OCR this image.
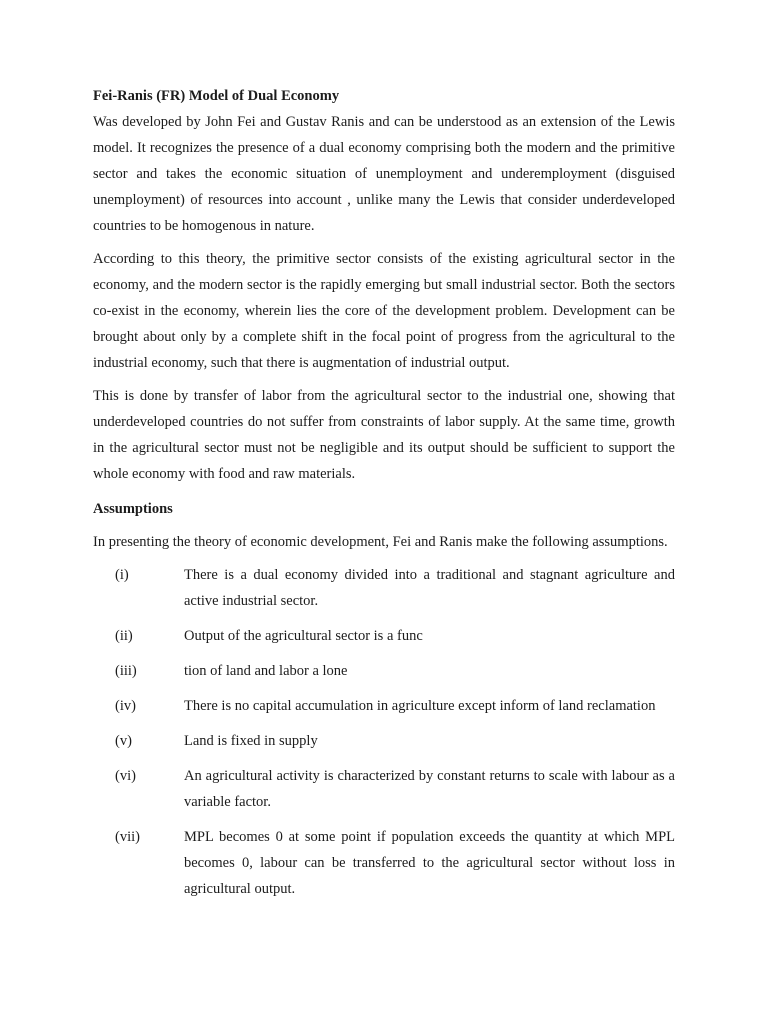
Fei-Ranis (FR) Model of Dual Economy

Was developed by John Fei and Gustav Ranis and can be understood as an extension of the Lewis model. It recognizes the presence of a dual economy comprising both the modern and the primitive sector and takes the economic situation of unemployment and underemployment (disguised unemployment) of resources into account , unlike many the Lewis that consider underdeveloped countries to be homogenous in nature.

According to this theory, the primitive sector consists of the existing agricultural sector in the economy, and the modern sector is the rapidly emerging but small industrial sector. Both the sectors co-exist in the economy, wherein lies the core of the development problem. Development can be brought about only by a complete shift in the focal point of progress from the agricultural to the industrial economy, such that there is augmentation of industrial output.

This is done by transfer of labor from the agricultural sector to the industrial one, showing that underdeveloped countries do not suffer from constraints of labor supply. At the same time, growth in the agricultural sector must not be negligible and its output should be sufficient to support the whole economy with food and raw materials.

Assumptions

In presenting the theory of economic development, Fei and Ranis make the following assumptions.

(i)	There is a dual economy divided into a traditional and stagnant agriculture and active industrial sector.
(ii)	Output of the agricultural sector is a func
(iii)	tion of land and labor a lone
(iv)	There is no capital accumulation in agriculture except inform of land reclamation
(v)	Land is fixed in supply
(vi)	An agricultural activity is characterized by constant returns to scale with labour as a variable factor.
(vii)	MPL becomes 0 at some point if population exceeds the quantity at which MPL becomes 0, labour can be transferred to the agricultural sector without loss in agricultural output.
